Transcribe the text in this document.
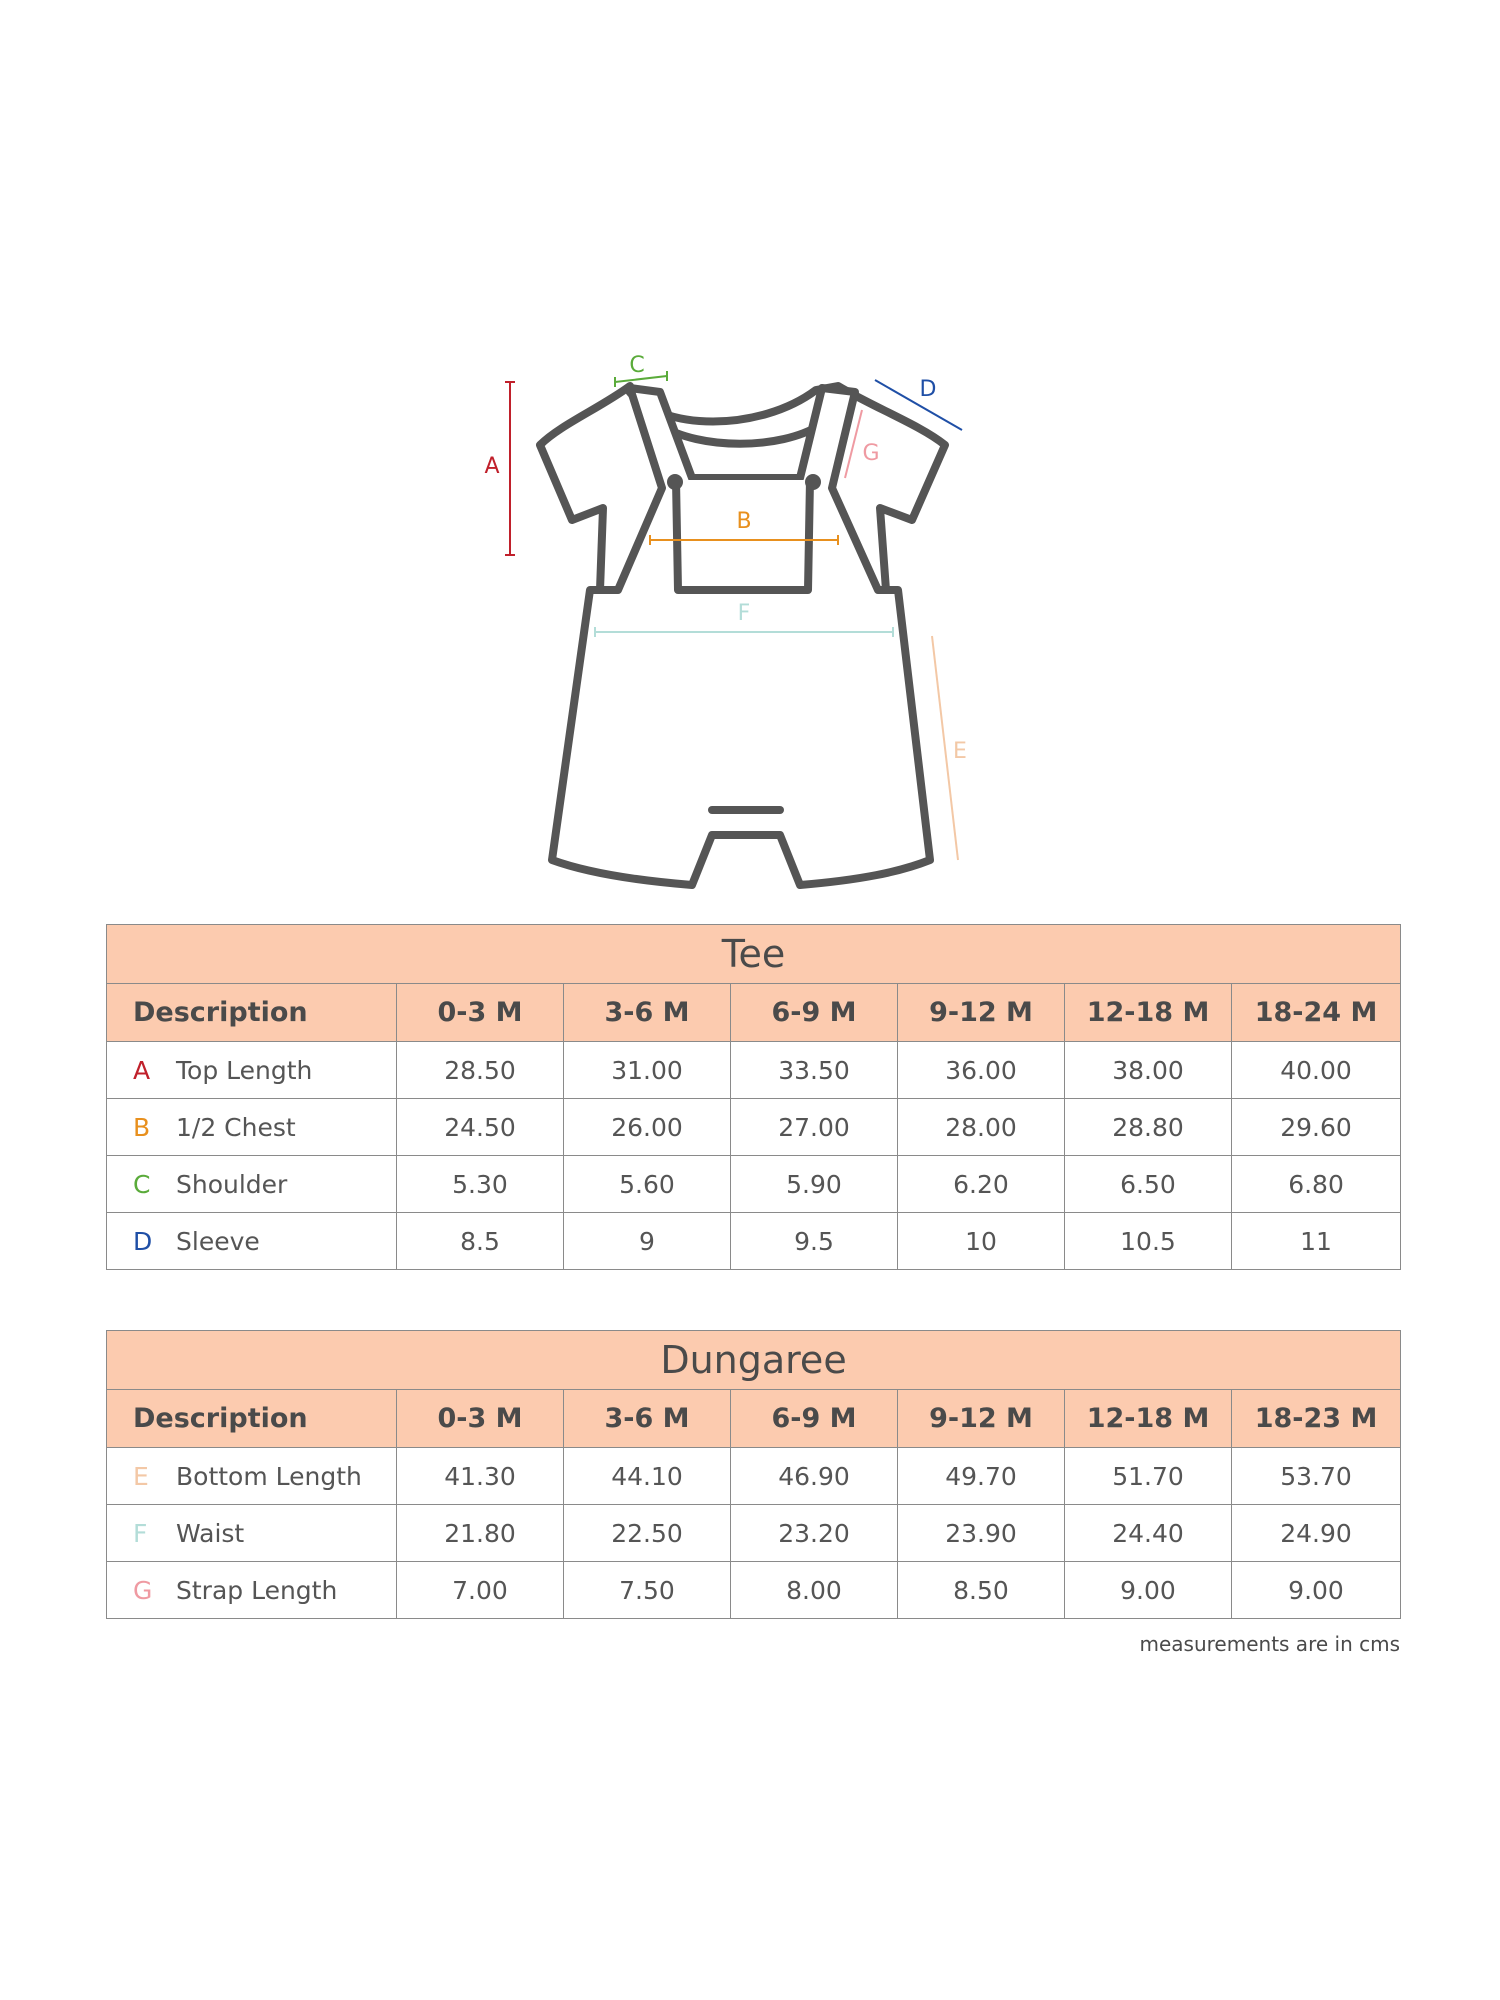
A
C
D
G
B
F
E
Tee						
Description	0-3 M	3-6 M	6-9 M	9-12 M	12-18 M	18-24 M
A Top Length	28.50	31.00	33.50	36.00	38.00	40.00
B 1/2 Chest	24.50	26.00	27.00	28.00	28.80	29.60
C Shoulder	5.30	5.60	5.90	6.20	6.50	6.80
D Sleeve	8.5	9	9.5	10	10.5	11
Dungaree						
Description	0-3 M	3-6 M	6-9 M	9-12 M	12-18 M	18-23 M
E Bottom Length	41.30	44.10	46.90	49.70	51.70	53.70
F Waist	21.80	22.50	23.20	23.90	24.40	24.90
G Strap Length	7.00	7.50	8.00	8.50	9.00	9.00
measurements are in cms
